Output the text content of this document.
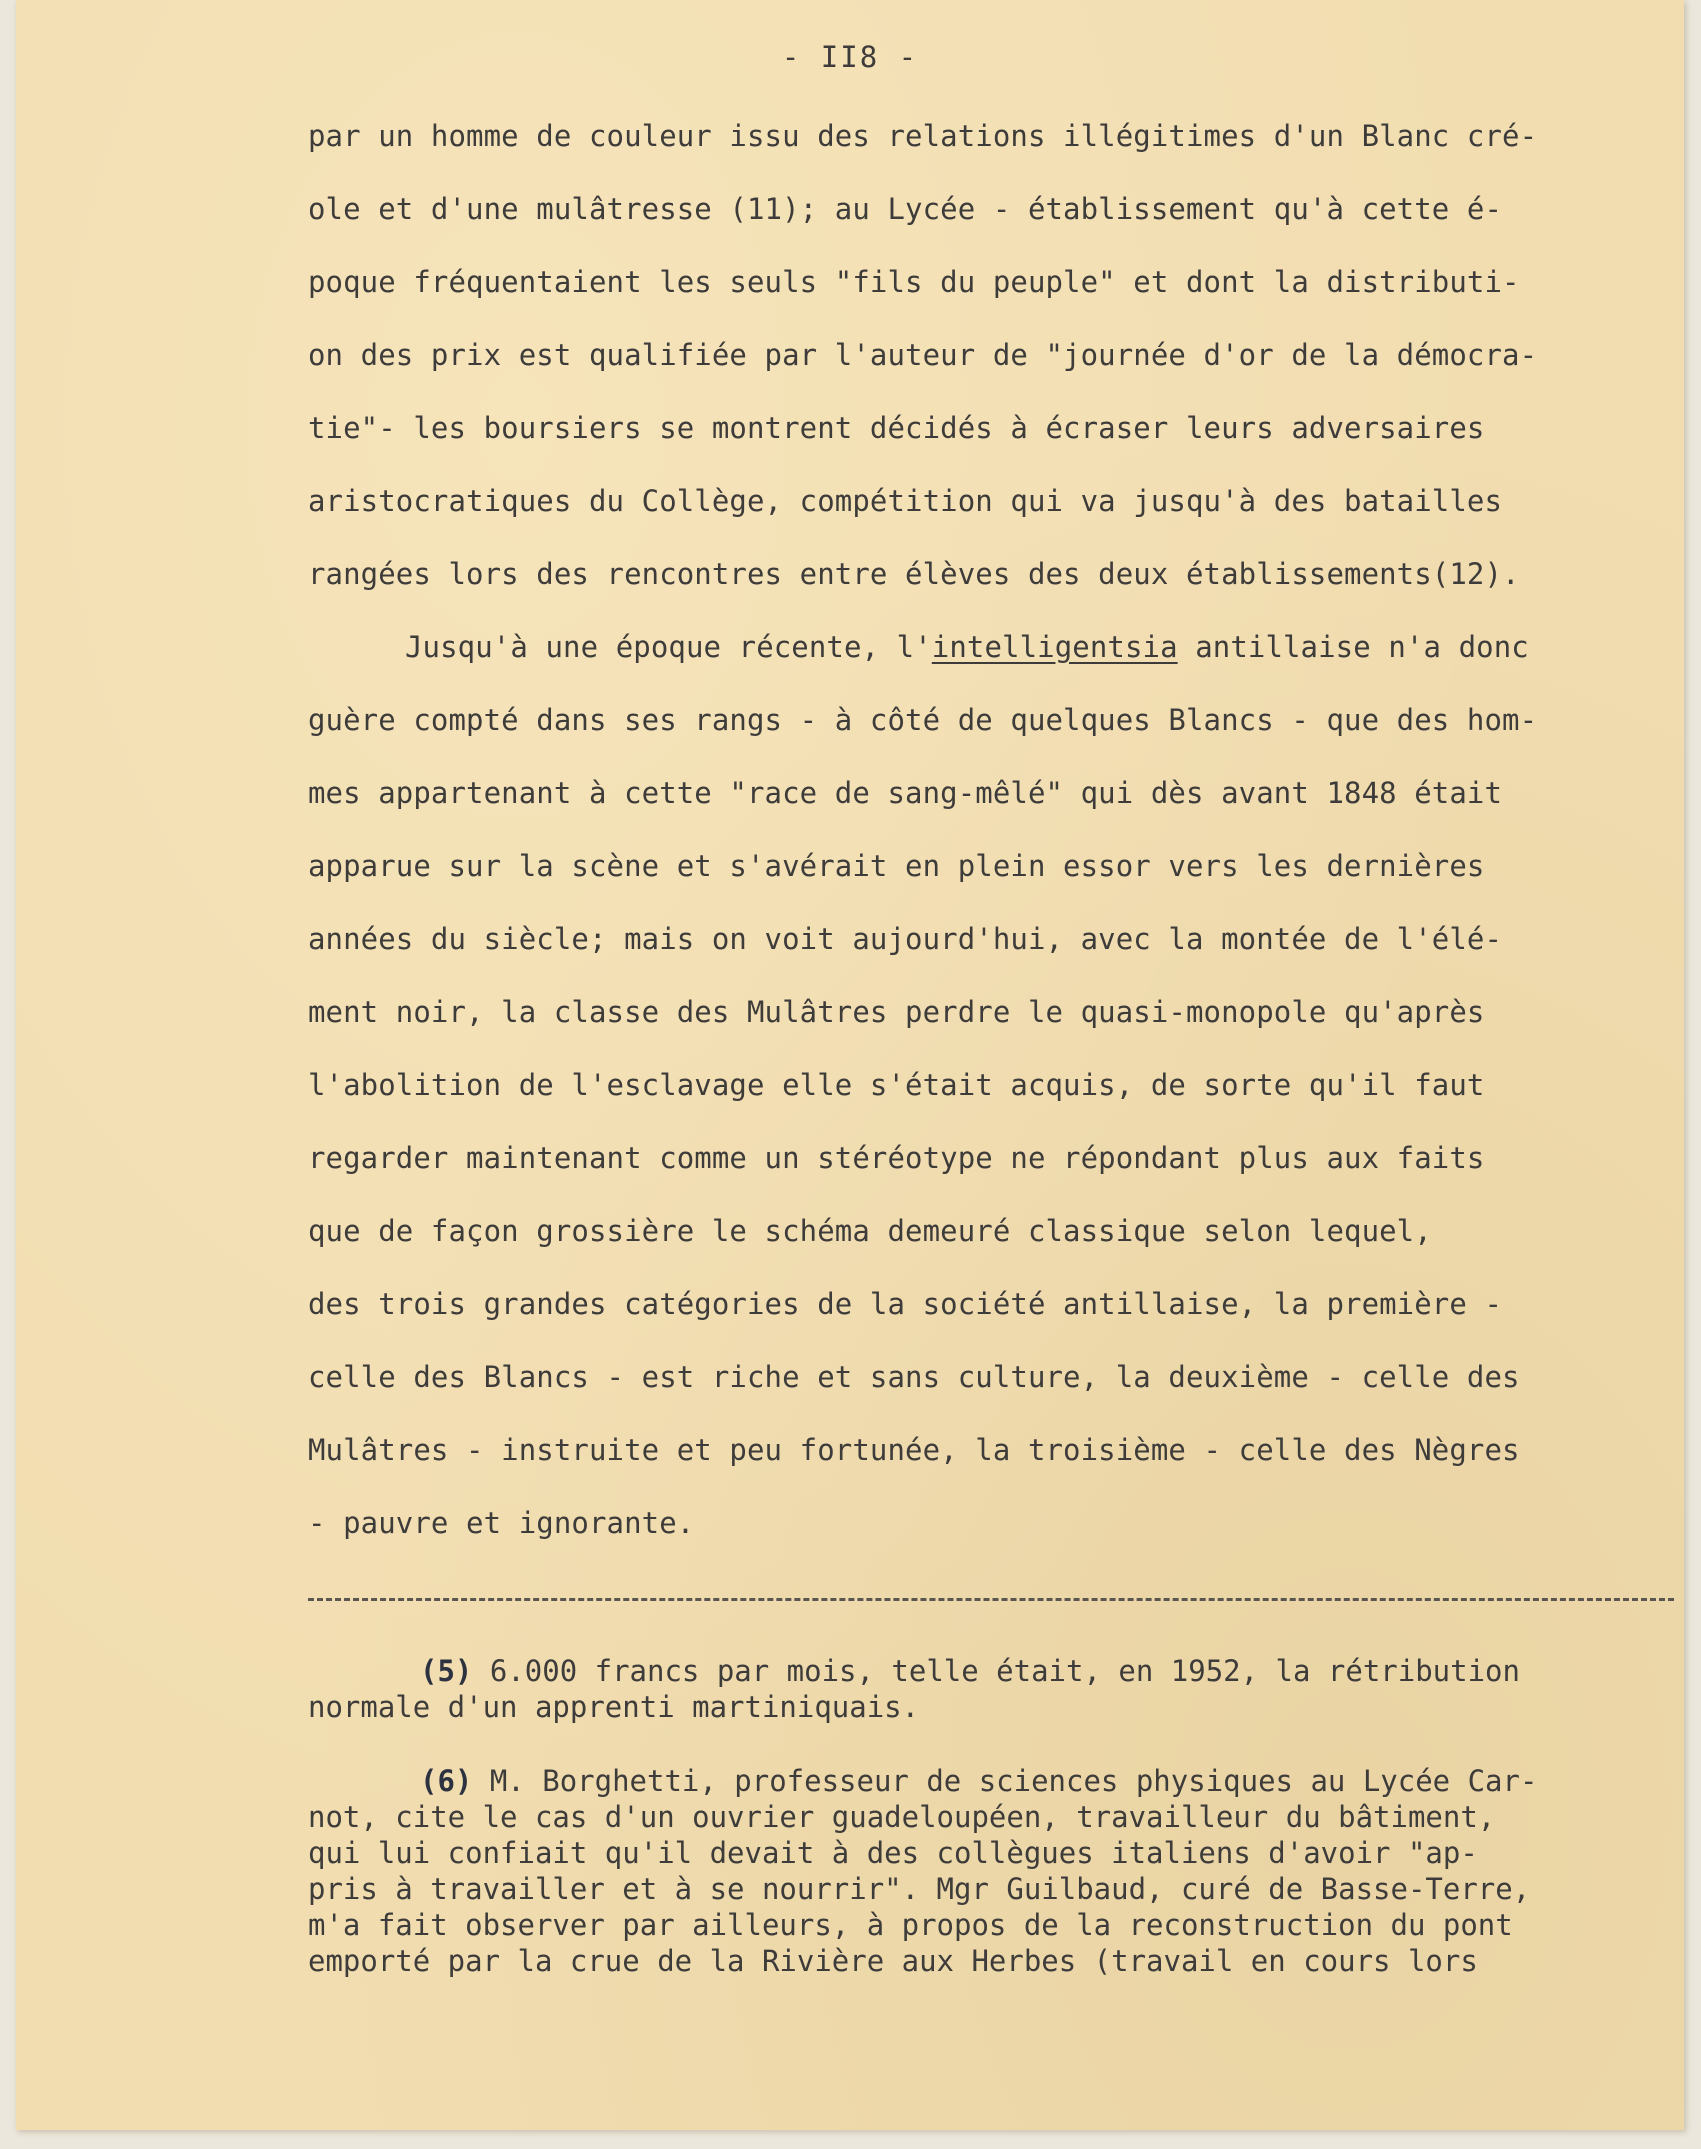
- II8 -
par un homme de couleur issu des relations illégitimes d'un Blanc cré-
ole et d'une mulâtresse (11); au Lycée - établissement qu'à cette é-
poque fréquentaient les seuls "fils du peuple" et dont la distributi-
on des prix est qualifiée par l'auteur de "journée d'or de la démocra-
tie"- les boursiers se montrent décidés à écraser leurs adversaires
aristocratiques du Collège, compétition qui va jusqu'à des batailles
rangées lors des rencontres entre élèves des deux établissements(12).
Jusqu'à une époque récente, l'intelligentsia antillaise n'a donc
guère compté dans ses rangs - à côté de quelques Blancs - que des hom-
mes appartenant à cette "race de sang-mêlé" qui dès avant 1848 était
apparue sur la scène et s'avérait en plein essor vers les dernières
années du siècle; mais on voit aujourd'hui, avec la montée de l'élé-
ment noir, la classe des Mulâtres perdre le quasi-monopole qu'après
l'abolition de l'esclavage elle s'était acquis, de sorte qu'il faut
regarder maintenant comme un stéréotype ne répondant plus aux faits
que de façon grossière le schéma demeuré classique selon lequel,
des trois grandes catégories de la société antillaise, la première -
celle des Blancs - est riche et sans culture, la deuxième - celle des
Mulâtres - instruite et peu fortunée, la troisième - celle des Nègres
- pauvre et ignorante.
(5) 6.000 francs par mois, telle était, en 1952, la rétribution
normale d'un apprenti martiniquais.
(6) M. Borghetti, professeur de sciences physiques au Lycée Car-
not, cite le cas d'un ouvrier guadeloupéen, travailleur du bâtiment,
qui lui confiait qu'il devait à des collègues italiens d'avoir "ap-
pris à travailler et à se nourrir". Mgr Guilbaud, curé de Basse-Terre,
m'a fait observer par ailleurs, à propos de la reconstruction du pont
emporté par la crue de la Rivière aux Herbes (travail en cours lors
